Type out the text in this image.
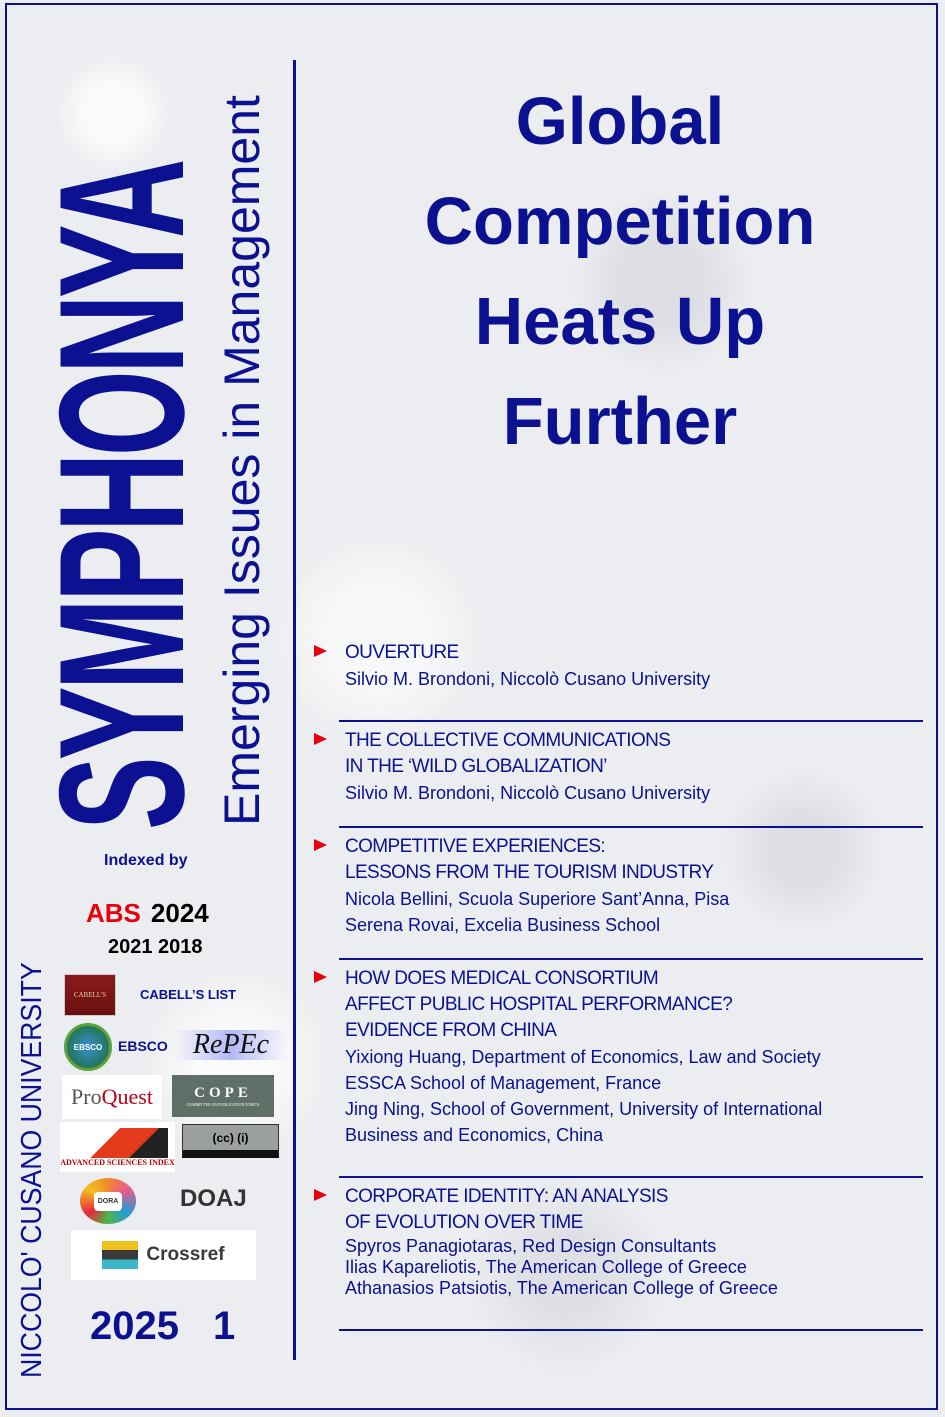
SYMPHONYA
Emerging Issues in Management
NICCOLO' CUSANO UNIVERSITY
Indexed by
ABS 2024
2021 2018
CABELL'S	CABELL’S LIST
EBSCO EBSCO RePEc
Pro Quest	COPE
COMMITTEE ON PUBLICATION ETHICS
ADVANCED SCIENCES INDEX
(cc) (i)
DORA	DOAJ
Crossref
2025 1
Global
Competition
Heats Up
Further
OUVERTURE
Silvio M. Brondoni, Niccolò Cusano University
THE COLLECTIVE COMMUNICATIONS
IN THE ‘WILD GLOBALIZATION’
Silvio M. Brondoni, Niccolò Cusano University
COMPETITIVE EXPERIENCES:
LESSONS FROM THE TOURISM INDUSTRY
Nicola Bellini, Scuola Superiore Sant’Anna, Pisa
Serena Rovai, Excelia Business School
HOW DOES MEDICAL CONSORTIUM
AFFECT PUBLIC HOSPITAL PERFORMANCE?
EVIDENCE FROM CHINA
Yixiong Huang, Department of Economics, Law and Society
ESSCA School of Management, France
Jing Ning, School of Government, University of International
Business and Economics, China
CORPORATE IDENTITY: AN ANALYSIS
OF EVOLUTION OVER TIME
Spyros Panagiotaras, Red Design Consultants
Ilias Kapareliotis, The American College of Greece
Athanasios Patsiotis, The American College of Greece
